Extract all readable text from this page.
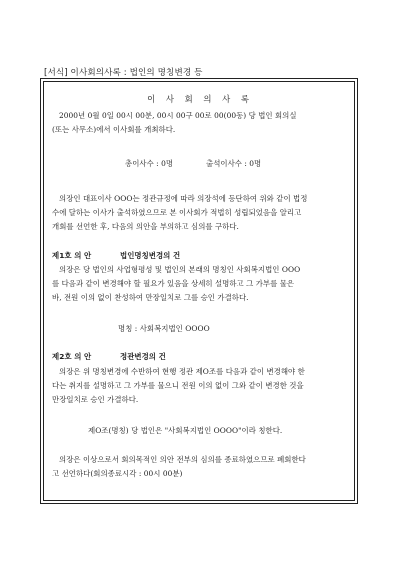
[서식] 이사회의사록 : 법인의 명칭변경 등
이 사 회 의 사 록
2000년 0월 0일 00시 00분, 00시 00구 00로 00(00동) 당 법인 회의실
(또는 사무소)에서 이사회를 개최하다.
총이사수 : 0명	출석이사수 : 0명
의장인 대표이사 OOO는 정관규정에 따라 의장석에 등단하여 위와 같이 법정
수에 달하는 이사가 출석하였으므로 본 이사회가 적법히 성립되었음을 알리고
개회를 선언한 후, 다음의 의안을 부의하고 심의를 구하다.
제1호 의 안	법인명칭변경의 건
의장은 당 법인의 사업형평성 및 법인의 본래의 명칭인 사회복지법인 OOO
를 다음과 같이 변경해야 할 필요가 있음을 상세히 설명하고 그 가부를 물은
바, 전원 이의 없이 찬성하여 만장일치로 그를 승인 가결하다.
명칭 : 사회복지법인 OOOO
제2호 의 안	정관변경의 건
의장은 위 명칭변경에 수반하여 현행 정관 제O조를 다음과 같이 변경해야 한
다는 취지를 설명하고 그 가부를 물으니 전원 이의 없이 그와 같이 변경한 것을
만장일치로 승인 가결하다.
제O조(명칭) 당 법인은 "사회복지법인 OOOO"이라 칭한다.
의장은 이상으로서 회의목적인 의안 전부의 심의를 종료하였으므로 폐회한다
고 선언하다(회의종료시각 : 00시 00분)
